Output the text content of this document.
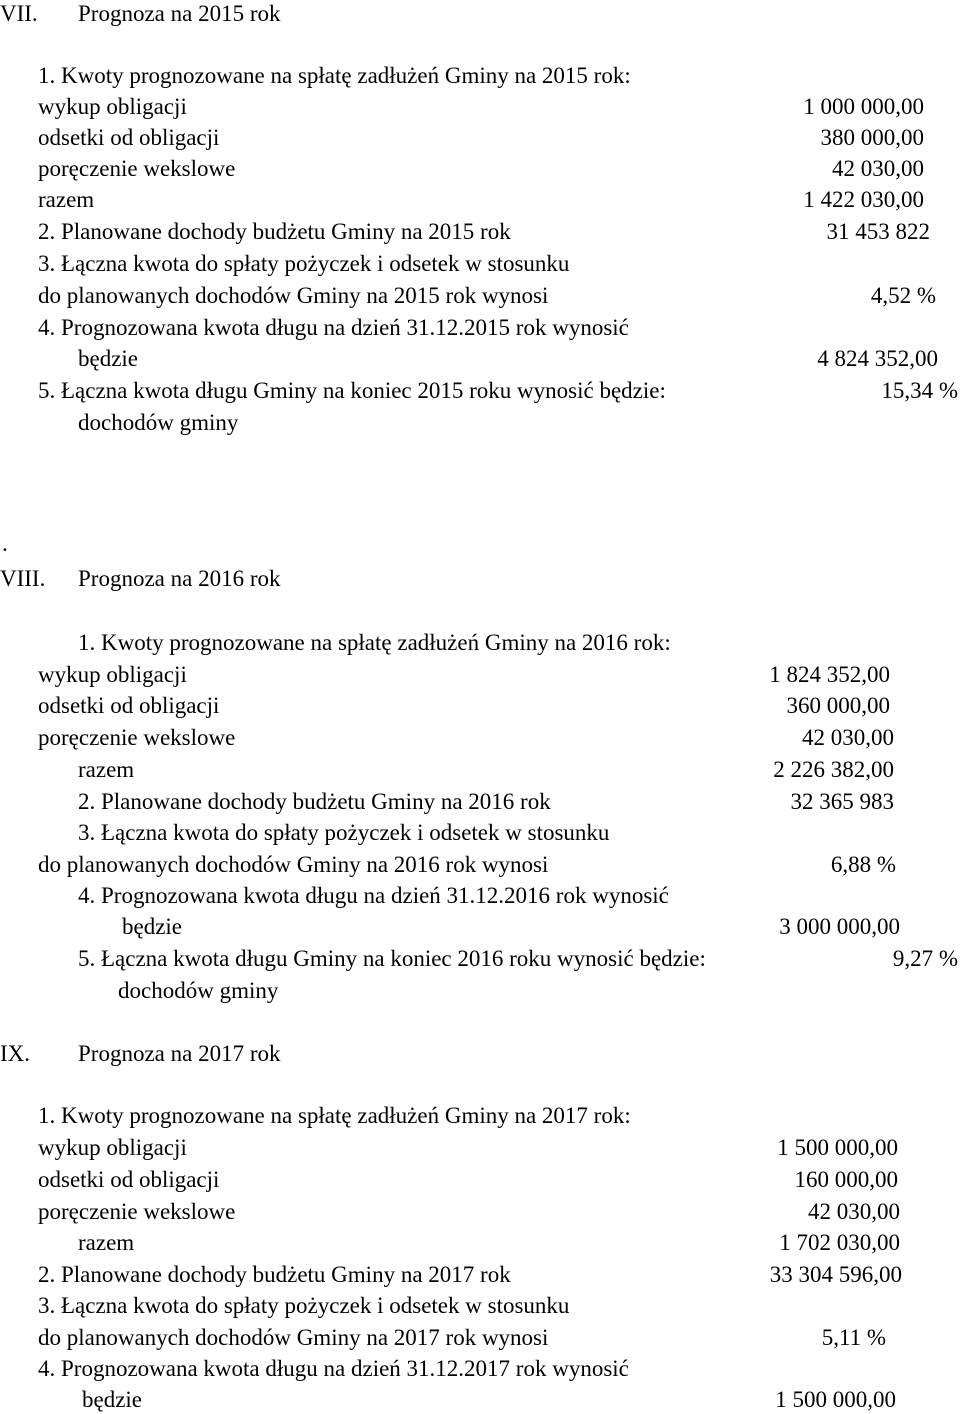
VII. Prognoza na 2015 rok
1. Kwoty prognozowane na spłatę zadłużeń Gminy na 2015 rok:
wykup obligacji	1 000 000,00
odsetki od obligacji	380 000,00
poręczenie wekslowe	42 030,00
razem	1 422 030,00
2. Planowane dochody budżetu Gminy na 2015 rok	31 453 822
3. Łączna kwota do spłaty pożyczek i odsetek w stosunku
do planowanych dochodów Gminy na 2015 rok wynosi	4,52 %
4. Prognozowana kwota długu na dzień 31.12.2015 rok wynosić
będzie	4 824 352,00
5. Łączna kwota długu Gminy na koniec 2015 roku wynosić będzie:	15,34 %
dochodów gminy
.
VIII. Prognoza na 2016 rok
1. Kwoty prognozowane na spłatę zadłużeń Gminy na 2016 rok:
wykup obligacji	1 824 352,00
odsetki od obligacji	360 000,00
poręczenie wekslowe	42 030,00
razem	2 226 382,00
2. Planowane dochody budżetu Gminy na 2016 rok	32 365 983
3. Łączna kwota do spłaty pożyczek i odsetek w stosunku
do planowanych dochodów Gminy na 2016 rok wynosi	6,88 %
4. Prognozowana kwota długu na dzień 31.12.2016 rok wynosić
będzie	3 000 000,00
5. Łączna kwota długu Gminy na koniec 2016 roku wynosić będzie:	9,27 %
dochodów gminy
IX. Prognoza na 2017 rok
1. Kwoty prognozowane na spłatę zadłużeń Gminy na 2017 rok:
wykup obligacji	1 500 000,00
odsetki od obligacji	160 000,00
poręczenie wekslowe	42 030,00
razem	1 702 030,00
2. Planowane dochody budżetu Gminy na 2017 rok	33 304 596,00
3. Łączna kwota do spłaty pożyczek i odsetek w stosunku
do planowanych dochodów Gminy na 2017 rok wynosi	5,11 %
4. Prognozowana kwota długu na dzień 31.12.2017 rok wynosić
będzie	1 500 000,00
